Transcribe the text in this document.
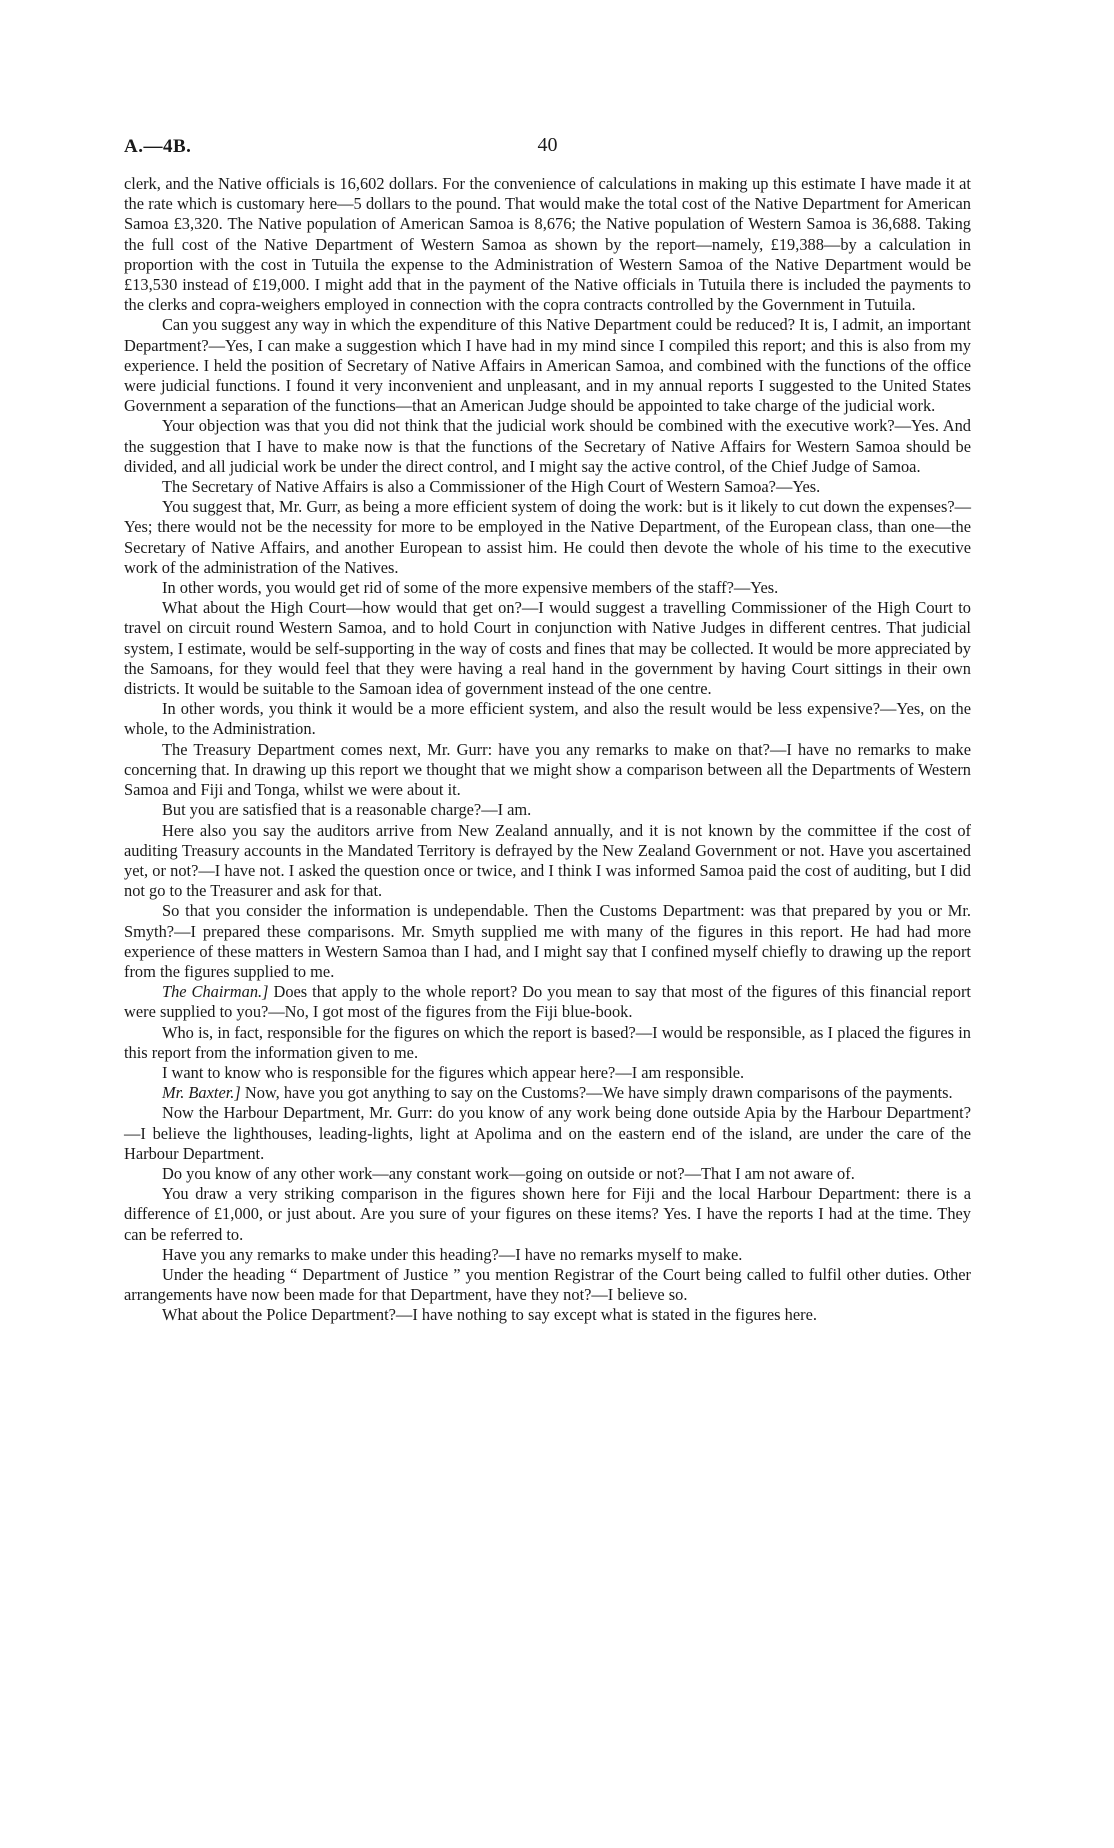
A.—4B.	40

clerk, and the Native officials is 16,602 dollars. For the convenience of calculations in making up this estimate I have made it at the rate which is customary here—5 dollars to the pound. That would make the total cost of the Native Department for American Samoa £3,320. The Native population of American Samoa is 8,676; the Native population of Western Samoa is 36,688. Taking the full cost of the Native Department of Western Samoa as shown by the report—namely, £19,388—by a calculation in proportion with the cost in Tutuila the expense to the Administration of Western Samoa of the Native Department would be £13,530 instead of £19,000. I might add that in the payment of the Native officials in Tutuila there is included the payments to the clerks and copra-weighers employed in connection with the copra contracts controlled by the Government in Tutuila.

Can you suggest any way in which the expenditure of this Native Department could be reduced? It is, I admit, an important Department?—Yes, I can make a suggestion which I have had in my mind since I compiled this report; and this is also from my experience. I held the position of Secretary of Native Affairs in American Samoa, and combined with the functions of the office were judicial functions. I found it very inconvenient and unpleasant, and in my annual reports I suggested to the United States Government a separation of the functions—that an American Judge should be appointed to take charge of the judicial work.

Your objection was that you did not think that the judicial work should be combined with the executive work?—Yes. And the suggestion that I have to make now is that the functions of the Secretary of Native Affairs for Western Samoa should be divided, and all judicial work be under the direct control, and I might say the active control, of the Chief Judge of Samoa.

The Secretary of Native Affairs is also a Commissioner of the High Court of Western Samoa?—Yes.

You suggest that, Mr. Gurr, as being a more efficient system of doing the work: but is it likely to cut down the expenses?—Yes; there would not be the necessity for more to be employed in the Native Department, of the European class, than one—the Secretary of Native Affairs, and another European to assist him. He could then devote the whole of his time to the executive work of the administration of the Natives.

In other words, you would get rid of some of the more expensive members of the staff?—Yes.

What about the High Court—how would that get on?—I would suggest a travelling Commissioner of the High Court to travel on circuit round Western Samoa, and to hold Court in conjunction with Native Judges in different centres. That judicial system, I estimate, would be self-supporting in the way of costs and fines that may be collected. It would be more appreciated by the Samoans, for they would feel that they were having a real hand in the government by having Court sittings in their own districts. It would be suitable to the Samoan idea of government instead of the one centre.

In other words, you think it would be a more efficient system, and also the result would be less expensive?—Yes, on the whole, to the Administration.

The Treasury Department comes next, Mr. Gurr: have you any remarks to make on that?—I have no remarks to make concerning that. In drawing up this report we thought that we might show a comparison between all the Departments of Western Samoa and Fiji and Tonga, whilst we were about it.

But you are satisfied that is a reasonable charge?—I am.

Here also you say the auditors arrive from New Zealand annually, and it is not known by the committee if the cost of auditing Treasury accounts in the Mandated Territory is defrayed by the New Zealand Government or not. Have you ascertained yet, or not?—I have not. I asked the question once or twice, and I think I was informed Samoa paid the cost of auditing, but I did not go to the Treasurer and ask for that.

So that you consider the information is undependable. Then the Customs Department: was that prepared by you or Mr. Smyth?—I prepared these comparisons. Mr. Smyth supplied me with many of the figures in this report. He had had more experience of these matters in Western Samoa than I had, and I might say that I confined myself chiefly to drawing up the report from the figures supplied to me.

The Chairman.] Does that apply to the whole report? Do you mean to say that most of the figures of this financial report were supplied to you?—No, I got most of the figures from the Fiji blue-book.

Who is, in fact, responsible for the figures on which the report is based?—I would be responsible, as I placed the figures in this report from the information given to me.

I want to know who is responsible for the figures which appear here?—I am responsible.

Mr. Baxter.] Now, have you got anything to say on the Customs?—We have simply drawn comparisons of the payments.

Now the Harbour Department, Mr. Gurr: do you know of any work being done outside Apia by the Harbour Department?—I believe the lighthouses, leading-lights, light at Apolima and on the eastern end of the island, are under the care of the Harbour Department.

Do you know of any other work—any constant work—going on outside or not?—That I am not aware of.

You draw a very striking comparison in the figures shown here for Fiji and the local Harbour Department: there is a difference of £1,000, or just about. Are you sure of your figures on these items? Yes. I have the reports I had at the time. They can be referred to.

Have you any remarks to make under this heading?—I have no remarks myself to make.

Under the heading “ Department of Justice ” you mention Registrar of the Court being called to fulfil other duties. Other arrangements have now been made for that Department, have they not?—I believe so.

What about the Police Department?—I have nothing to say except what is stated in the figures here.
